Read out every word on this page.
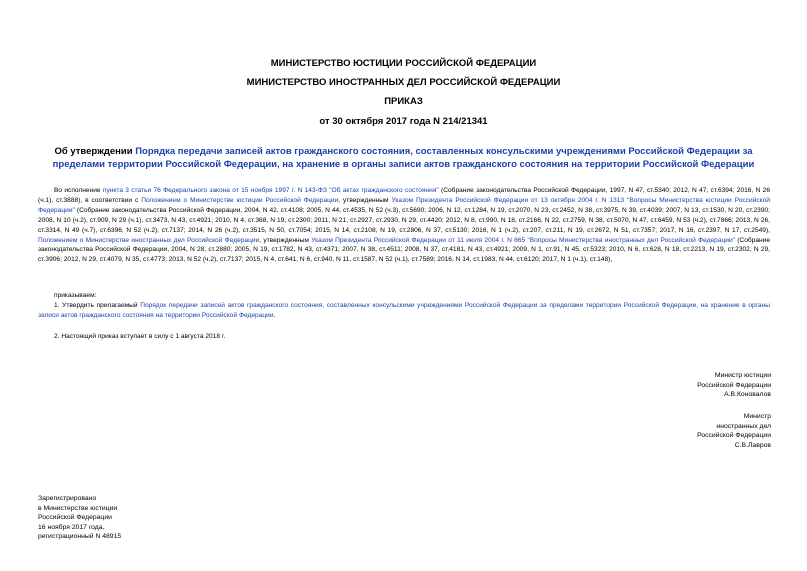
МИНИСТЕРСТВО ЮСТИЦИИ РОССИЙСКОЙ ФЕДЕРАЦИИ
МИНИСТЕРСТВО ИНОСТРАННЫХ ДЕЛ РОССИЙСКОЙ ФЕДЕРАЦИИ
ПРИКАЗ
от 30 октября 2017 года N 214/21341
Об утверждении Порядка передачи записей актов гражданского состояния, составленных консульскими учреждениями Российской Федерации за пределами территории Российской Федерации, на хранение в органы записи актов гражданского состояния на территории Российской Федерации
Во исполнение пункта 3 статьи 76 Федерального закона от 15 ноября 1997 г. N 143-ФЗ "Об актах гражданского состояния" (Собрание законодательства Российской Федерации, 1997, N 47, ст.5340; 2012, N 47, ст.6394; 2016, N 26 (ч.1), ст.3888), в соответствии с Положением о Министерстве юстиции Российской Федерации, утвержденным Указом Президента Российской Федерации от 13 октября 2004 г. N 1313 "Вопросы Министерства юстиции Российской Федерации" (Собрание законодательства Российской Федерации, 2004, N 42, ст.4108; 2005, N 44, ст.4535, N 52 (ч.3), ст.5690; 2006, N 12, ст.1284, N 19, ст.2070, N 23, ст.2452, N 38, ст.3975, N 39, ст.4039; 2007, N 13, ст.1530, N 20, ст.2390; 2008, N 10 (ч.2), ст.909, N 29 (ч.1), ст.3473, N 43, ст.4921; 2010, N 4, ст.368, N 19, ст.2300; 2011, N 21, ст.2927, ст.2930, N 29, ст.4420; 2012, N 8, ст.990, N 18, ст.2166, N 22, ст.2759, N 38, ст.5070, N 47, ст.6459, N 53 (ч.2), ст.7866; 2013, N 26, ст.3314, N 49 (ч.7), ст.6396, N 52 (ч.2), ст.7137; 2014, N 26 (ч.2), ст.3515, N 50, ст.7054; 2015, N 14, ст.2108, N 19, ст.2806, N 37, ст.5130; 2016, N 1 (ч.2), ст.207, ст.211, N 19, ст.2672, N 51, ст.7357; 2017, N 16, ст.2397, N 17, ст.2549), Положением о Министерстве иностранных дел Российской Федерации, утвержденным Указом Президента Российской Федерации от 11 июля 2004 г. N 865 "Вопросы Министерства иностранных дел Российской Федерации" (Собрание законодательства Российской Федерации, 2004, N 28, ст.2880; 2005, N 19, ст.1782, N 43, ст.4371; 2007, N 38, ст.4511; 2008, N 37, ст.4181, N 43, ст.4921; 2009, N 1, ст.91, N 45, ст.5323; 2010, N 6, ст.628, N 18, ст.2213, N 19, ст.2302, N 29, ст.3906; 2012, N 29, ст.4079, N 35, ст.4773; 2013, N 52 (ч.2), ст.7137; 2015, N 4, ст.641, N 6, ст.940, N 11, ст.1587, N 52 (ч.1), ст.7589; 2016, N 14, ст.1983, N 44, ст.6120; 2017, N 1 (ч.1), ст.148),
приказываем:
1. Утвердить прилагаемый Порядок передачи записей актов гражданского состояния, составленных консульскими учреждениями Российской Федерации за пределами территории Российской Федерации, на хранение в органы записи актов гражданского состояния на территории Российской Федерации.
2. Настоящий приказ вступает в силу с 1 августа 2018 г.
Министр юстиции
Российской Федерации
А.В.Коновалов
Министр
иностранных дел
Российской Федерации
С.В.Лавров
Зарегистрировано
в Министерстве юстиции
Российской Федерации
16 ноября 2017 года,
регистрационный N 48915
